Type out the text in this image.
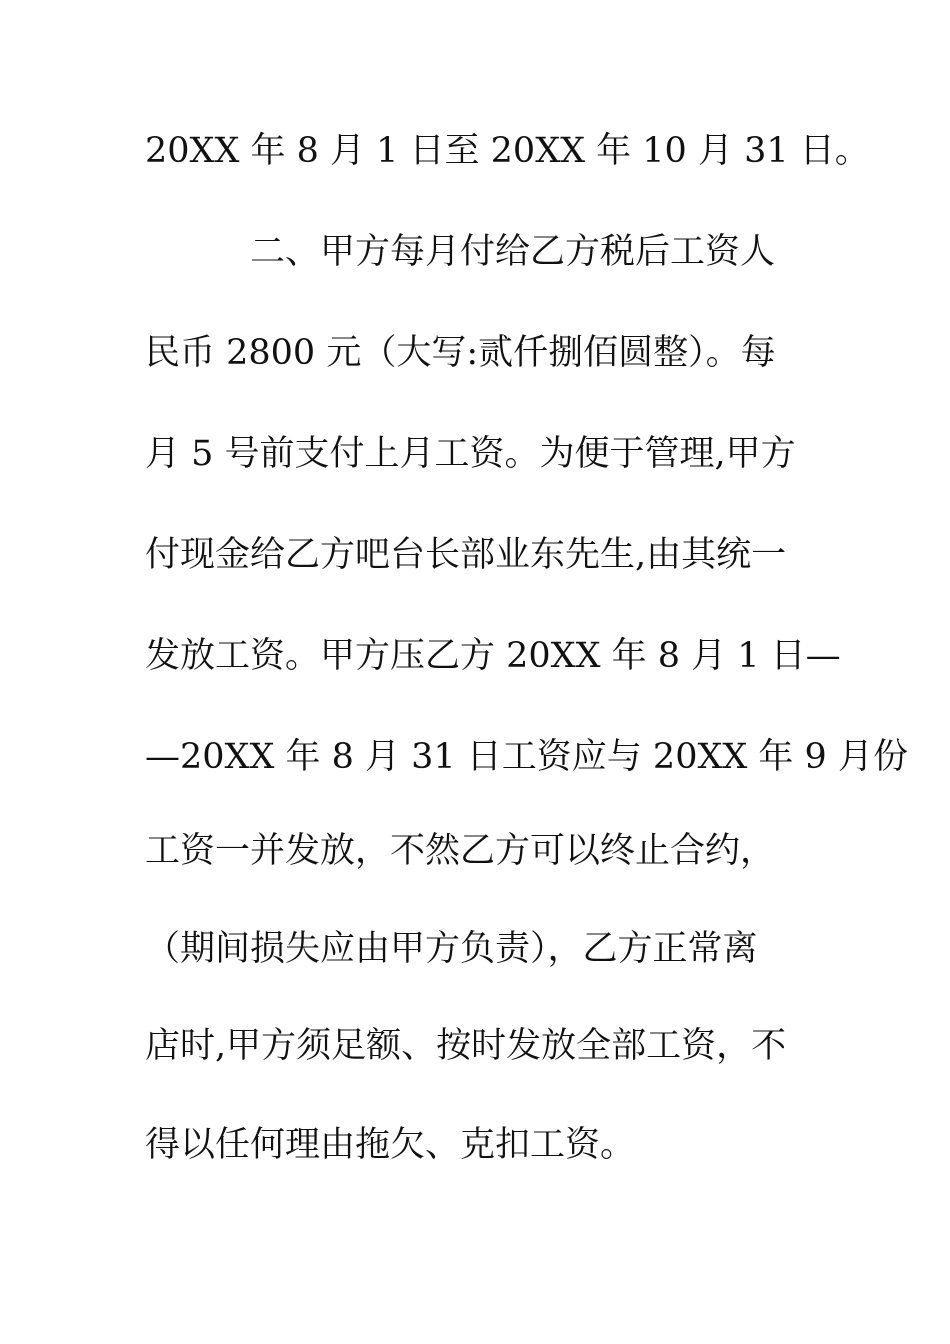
20XX 年 8 月 1 日至 20XX 年 10 月 31 日。
二、甲方每月付给乙方税后工资人
民币 2800 元（大写:贰仟捌佰圆整）。每
月 5 号前支付上月工资。为便于管理,甲方
付现金给乙方吧台长部业东先生,由其统一
发放工资。甲方压乙方 20XX 年 8 月 1 日—
—20XX 年 8 月 31 日工资应与 20XX 年 9 月份
工资一并发放，不然乙方可以终止合约，
（期间损失应由甲方负责），乙方正常离
店时,甲方须足额、按时发放全部工资，不
得以任何理由拖欠、克扣工资。
